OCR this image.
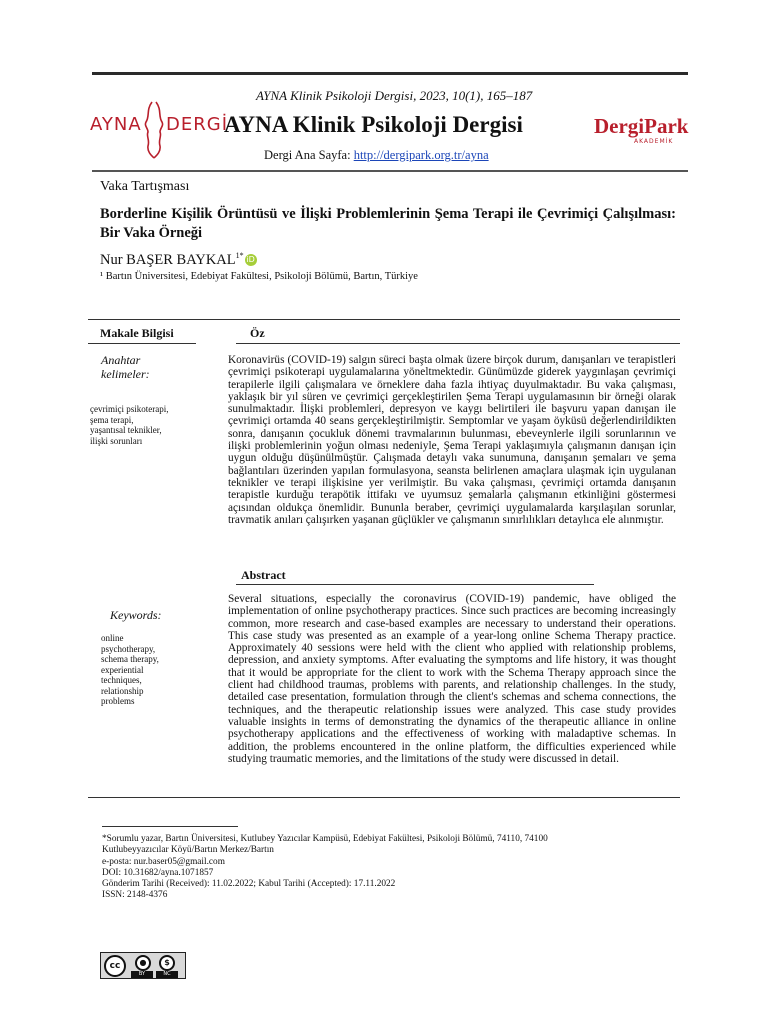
AYNA Klinik Psikoloji Dergisi, 2023, 10(1), 165–187
AYNA DERGİ
AYNA Klinik Psikoloji Dergisi	DergiPark
AKADEMİK
Dergi Ana Sayfa: http://dergipark.org.tr/ayna
Vaka Tartışması
Borderline Kişilik Örüntüsü ve İlişki Problemlerinin Şema Terapi ile Çevrimiçi Çalışılması: Bir Vaka Örneği
Nur BAŞER $BAYKAL^{1*}$ iD
¹ Bartın Üniversitesi, Edebiyat Fakültesi, Psikoloji Bölümü, Bartın, Türkiye
Makale Bilgisi	Öz
Anahtar
kelimeler:
çevrimiçi psikoterapi,
şema terapi,
yaşantısal teknikler,
ilişki sorunları
Koronavirüs (COVID-19) salgın süreci başta olmak üzere birçok durum, danışanları ve terapistleri çevrimiçi psikoterapi uygulamalarına yöneltmektedir. Günümüzde giderek yaygınlaşan çevrimiçi terapilerle ilgili çalışmalara ve örneklere daha fazla ihtiyaç duyulmaktadır. Bu vaka çalışması, yaklaşık bir yıl süren ve çevrimiçi gerçekleştirilen Şema Terapi uygulamasının bir örneği olarak sunulmaktadır. İlişki problemleri, depresyon ve kaygı belirtileri ile başvuru yapan danışan ile çevrimiçi ortamda 40 seans gerçekleştirilmiştir. Semptomlar ve yaşam öyküsü değerlendirildikten sonra, danışanın çocukluk dönemi travmalarının bulunması, ebeveynlerle ilgili sorunlarının ve ilişki problemlerinin yoğun olması nedeniyle, Şema Terapi yaklaşımıyla çalışmanın danışan için uygun olduğu düşünülmüştür. Çalışmada detaylı vaka sunumuna, danışanın şemaları ve şema bağlantıları üzerinden yapılan formulasyona, seansta belirlenen amaçlara ulaşmak için uygulanan teknikler ve terapi ilişkisine yer verilmiştir. Bu vaka çalışması, çevrimiçi ortamda danışanın terapistle kurduğu terapötik ittifakı ve uyumsuz şemalarla çalışmanın etkinliğini göstermesi açısından oldukça önemlidir. Bununla beraber, çevrimiçi uygulamalarda karşılaşılan sorunlar, travmatik anıları çalışırken yaşanan güçlükler ve çalışmanın sınırlılıkları detaylıca ele alınmıştır.
Abstract
Keywords:
online
psychotherapy,
schema therapy,
experiential
techniques,
relationship
problems
Several situations, especially the coronavirus (COVID-19) pandemic, have obliged the implementation of online psychotherapy practices. Since such practices are becoming increasingly common, more research and case-based examples are necessary to understand their operations. This case study was presented as an example of a year-long online Schema Therapy practice. Approximately 40 sessions were held with the client who applied with relationship problems, depression, and anxiety symptoms. After evaluating the symptoms and life history, it was thought that it would be appropriate for the client to work with the Schema Therapy approach since the client had childhood traumas, problems with parents, and relationship challenges. In the study, detailed case presentation, formulation through the client's schemas and schema connections, the techniques, and the therapeutic relationship issues were analyzed. This case study provides valuable insights in terms of demonstrating the dynamics of the therapeutic alliance in online psychotherapy applications and the effectiveness of working with maladaptive schemas. In addition, the problems encountered in the online platform, the difficulties experienced while studying traumatic memories, and the limitations of the study were discussed in detail.
*Sorumlu yazar, Bartın Üniversitesi, Kutlubey Yazıcılar Kampüsü, Edebiyat Fakültesi, Psikoloji Bölümü, 74110, 74100
Kutlubeyyazıcılar Köyü/Bartın Merkez/Bartın
e-posta: nur.baser05@gmail.com
DOI: 10.31682/ayna.1071857
Gönderim Tarihi (Received): 11.02.2022; Kabul Tarihi (Accepted): 17.11.2022
ISSN: 2148-4376
cc	●	$
BY	NC
